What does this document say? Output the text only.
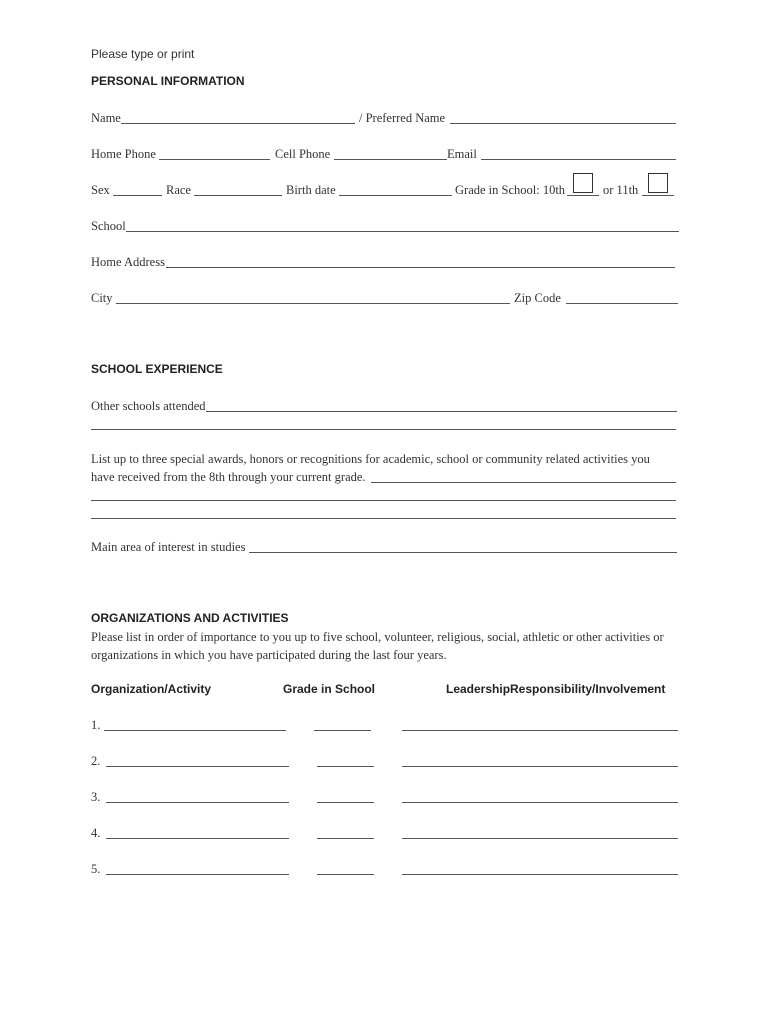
Please type or print
PERSONAL INFORMATION
Name	/ Preferred Name
Home Phone	Cell Phone	Email
Sex	Race	Birth date	Grade in School: 10th	or 11th
School
Home Address
City	Zip Code
SCHOOL EXPERIENCE
Other schools attended
List up to three special awards, honors or recognitions for academic, school or community related activities you
have received from the 8th through your current grade.
Main area of interest in studies
ORGANIZATIONS AND ACTIVITIES
Please list in order of importance to you up to five school, volunteer, religious, social, athletic or other activities or
organizations in which you have participated during the last four years.
Organization/Activity	Grade in School	LeadershipResponsibility/Involvement
1.
2.
3.
4.
5.
